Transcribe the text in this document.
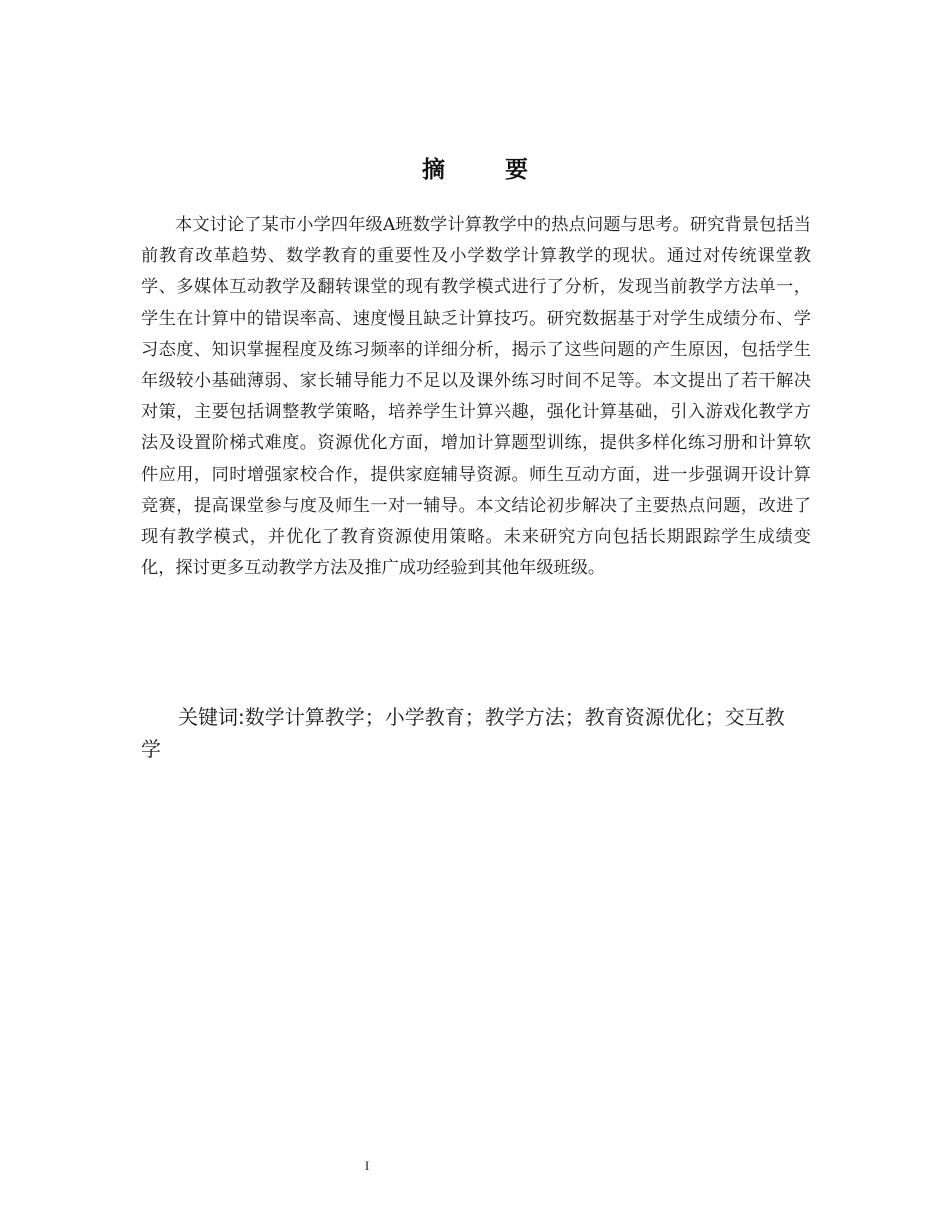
摘 要
本文讨论了某市小学四年级A班数学计算教学中的热点问题与思考。研究背景包括当前教育改革趋势、数学教育的重要性及小学数学计算教学的现状。通过对传统课堂教学、多媒体互动教学及翻转课堂的现有教学模式进行了分析，发现当前教学方法单一，学生在计算中的错误率高、速度慢且缺乏计算技巧。研究数据基于对学生成绩分布、学习态度、知识掌握程度及练习频率的详细分析，揭示了这些问题的产生原因，包括学生年级较小基础薄弱、家长辅导能力不足以及课外练习时间不足等。本文提出了若干解决对策，主要包括调整教学策略，培养学生计算兴趣，强化计算基础，引入游戏化教学方法及设置阶梯式难度。资源优化方面，增加计算题型训练，提供多样化练习册和计算软件应用，同时增强家校合作，提供家庭辅导资源。师生互动方面，进一步强调开设计算竞赛，提高课堂参与度及师生一对一辅导。本文结论初步解决了主要热点问题，改进了现有教学模式，并优化了教育资源使用策略。未来研究方向包括长期跟踪学生成绩变化，探讨更多互动教学方法及推广成功经验到其他年级班级。
关键词:数学计算教学；小学教育；教学方法；教育资源优化；交互教学
I
